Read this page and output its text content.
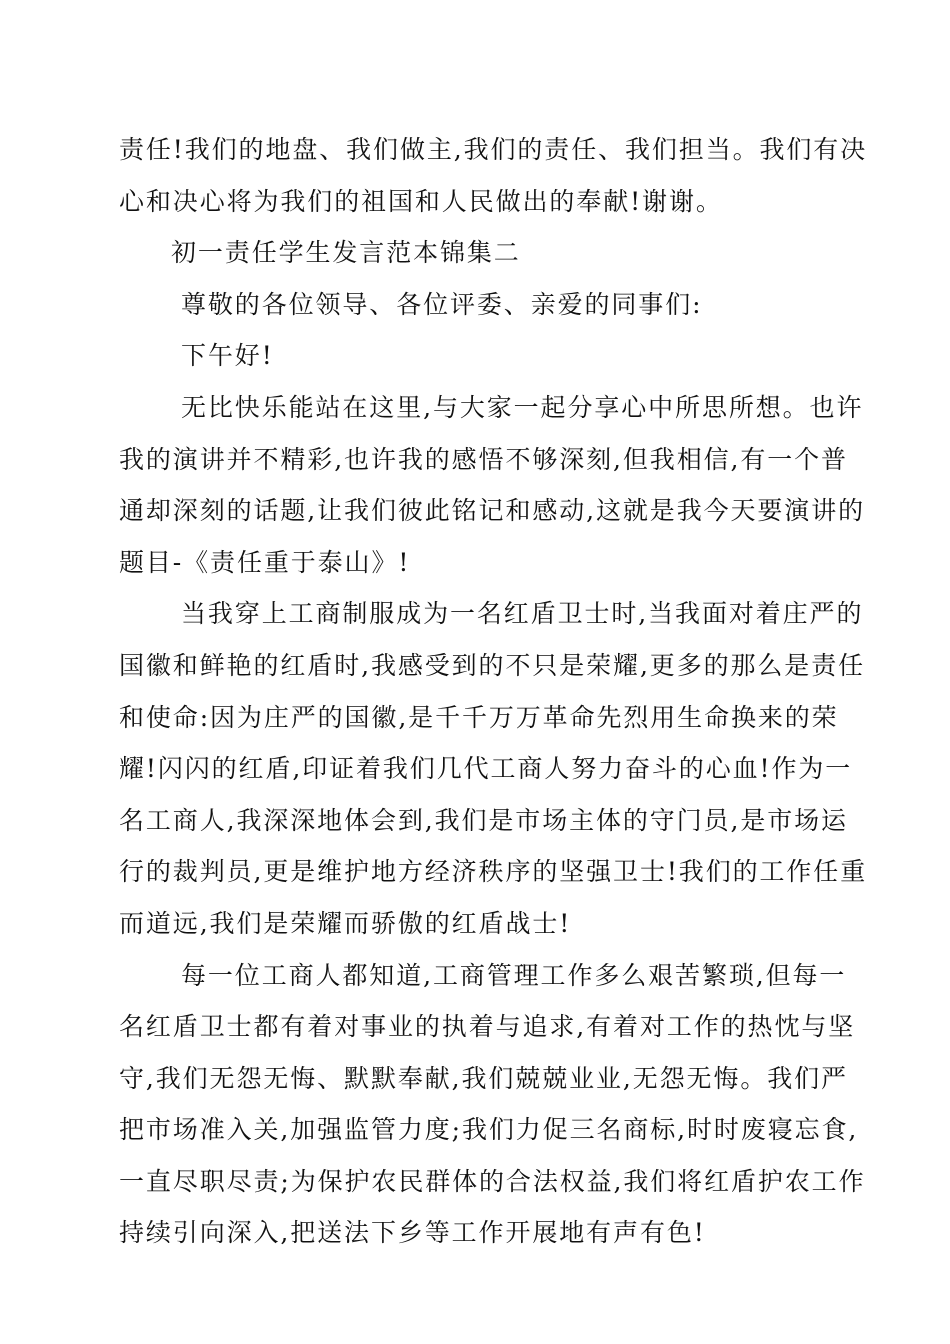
责任!我们的地盘、我们做主,我们的责任、我们担当。我们有决
心和决心将为我们的祖国和人民做出的奉献!谢谢。
初一责任学生发言范本锦集二
尊敬的各位领导、各位评委、亲爱的同事们:
下午好!
无比快乐能站在这里,与大家一起分享心中所思所想。也许
我的演讲并不精彩,也许我的感悟不够深刻,但我相信,有一个普
通却深刻的话题,让我们彼此铭记和感动,这就是我今天要演讲的
题目-《责任重于泰山》!
当我穿上工商制服成为一名红盾卫士时,当我面对着庄严的
国徽和鲜艳的红盾时,我感受到的不只是荣耀,更多的那么是责任
和使命:因为庄严的国徽,是千千万万革命先烈用生命换来的荣
耀!闪闪的红盾,印证着我们几代工商人努力奋斗的心血!作为一
名工商人,我深深地体会到,我们是市场主体的守门员,是市场运
行的裁判员,更是维护地方经济秩序的坚强卫士!我们的工作任重
而道远,我们是荣耀而骄傲的红盾战士!
每一位工商人都知道,工商管理工作多么艰苦繁琐,但每一
名红盾卫士都有着对事业的执着与追求,有着对工作的热忱与坚
守,我们无怨无悔、默默奉献,我们兢兢业业,无怨无悔。我们严
把市场准入关,加强监管力度;我们力促三名商标,时时废寝忘食,
一直尽职尽责;为保护农民群体的合法权益,我们将红盾护农工作
持续引向深入,把送法下乡等工作开展地有声有色!
